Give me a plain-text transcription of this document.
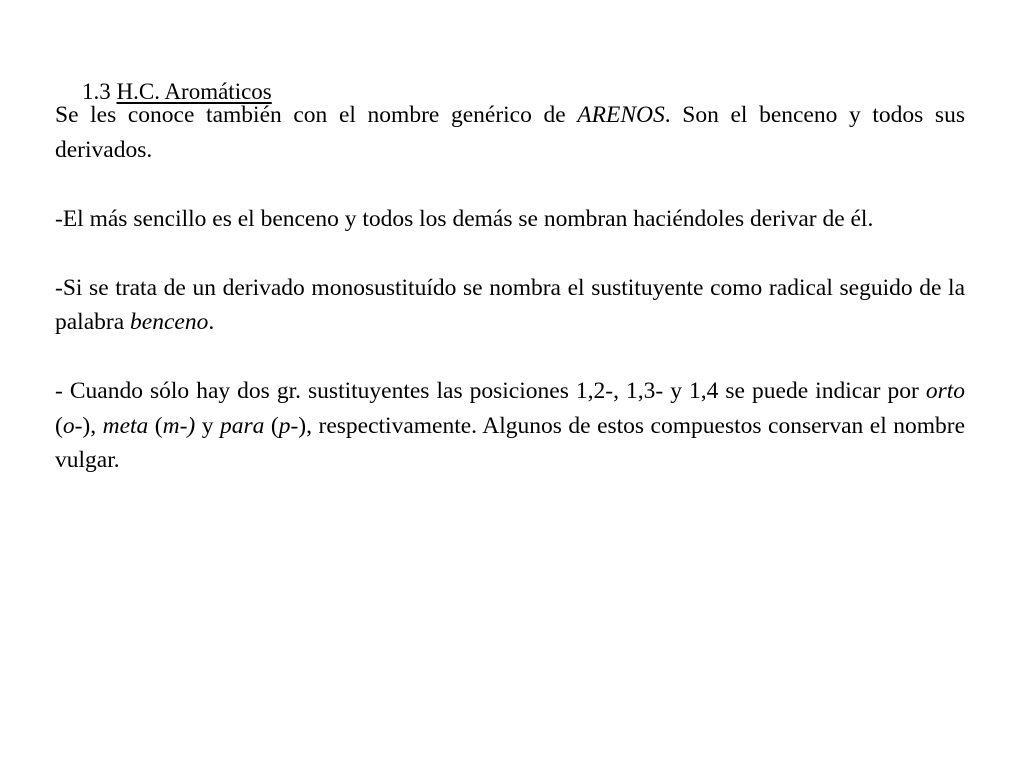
1.3 H.C. Aromáticos

Se les conoce también con el nombre genérico de ARENOS. Son el benceno y todos sus derivados.

-El más sencillo es el benceno y todos los demás se nombran haciéndoles derivar de él.

-Si se trata de un derivado monosustituído se nombra el sustituyente como radical seguido de la palabra benceno.

- Cuando sólo hay dos gr. sustituyentes las posiciones 1,2-, 1,3- y 1,4 se puede indicar por orto (o-), meta (m-) y para (p-), respectivamente. Algunos de estos compuestos conservan el nombre vulgar.
